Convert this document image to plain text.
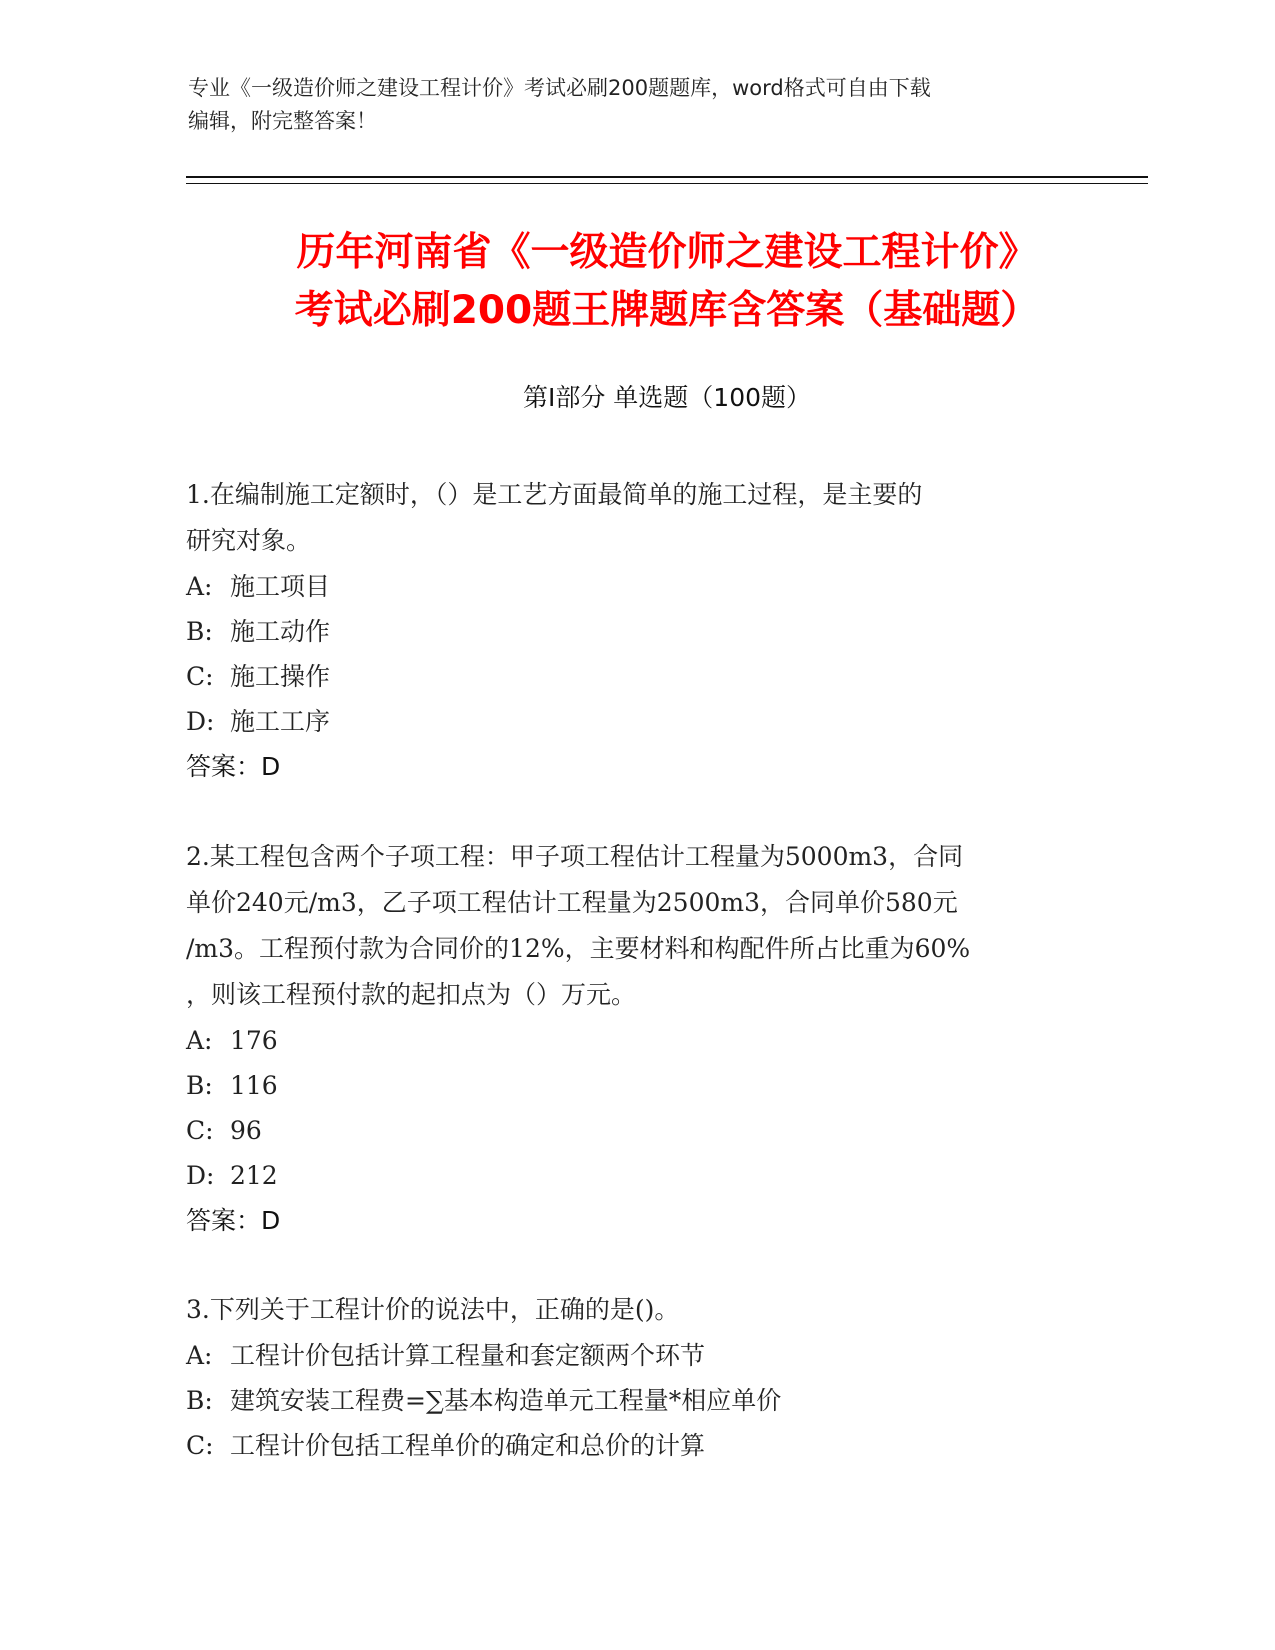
专业《一级造价师之建设工程计价》考试必刷200题题库，word格式可自由下载
编辑，附完整答案！
历年河南省《一级造价师之建设工程计价》
考试必刷200题王牌题库含答案（基础题）
第Ⅰ部分 单选题（100题）
1.在编制施工定额时，（）是工艺方面最简单的施工过程，是主要的
研究对象。
A: 施工项目
B: 施工动作
C: 施工操作
D: 施工工序
答案：D
2.某工程包含两个子项工程：甲子项工程估计工程量为5000m3，合同
单价240元/m3，乙子项工程估计工程量为2500m3，合同单价580元
/m3。工程预付款为合同价的12%，主要材料和构配件所占比重为60%
，则该工程预付款的起扣点为（）万元。
A: 176
B: 116
C: 96
D: 212
答案：D
3.下列关于工程计价的说法中，正确的是()。
A: 工程计价包括计算工程量和套定额两个环节
B: 建筑安装工程费=∑基本构造单元工程量*相应单价
C: 工程计价包括工程单价的确定和总价的计算
